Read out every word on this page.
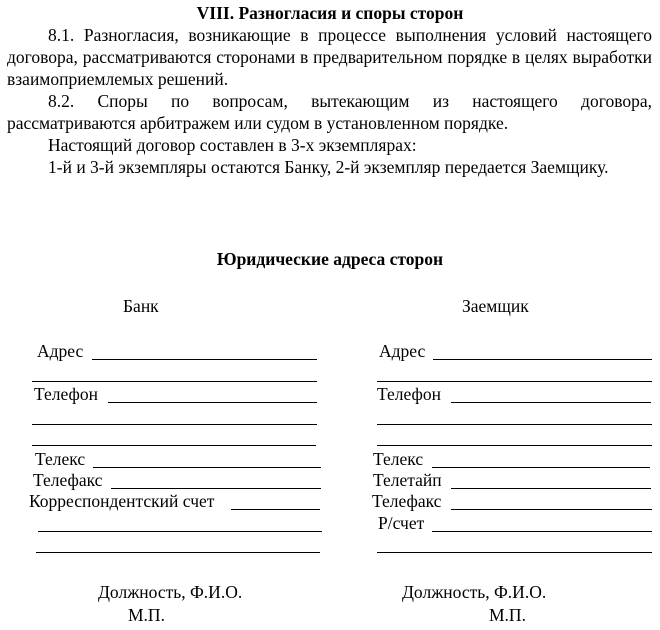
VIII. Разногласия и споры сторон

8.1. Разногласия, возникающие в процессе выполнения условий настоящего договора, рассматриваются сторонами в предварительном порядке в целях выработки взаимоприемлемых решений.

8.2. Споры по вопросам, вытекающим из настоящего договора, рассматриваются арбитражем или судом в установленном порядке.

Настоящий договор составлен в 3-х экземплярах:

1-й и 3-й экземпляры остаются Банку, 2-й экземпляр передается Заемщику.

Юридические адреса сторон
Банк
Адрес
Телефон
Телекс
Телефакс
Корреспондентский счет
Должность, Ф.И.О.
М.П.
Заемщик
Адрес
Телефон
Телекс
Телетайп
Телефакс
Р/счет
Должность, Ф.И.О.
М.П.
